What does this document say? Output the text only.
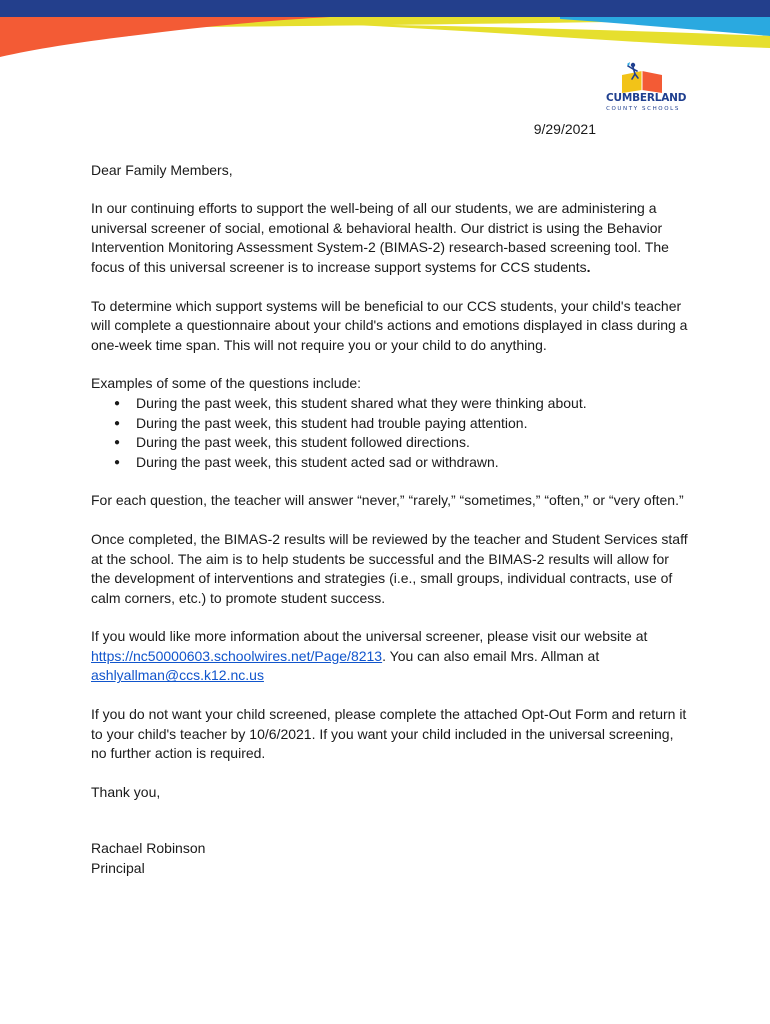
CUMBERLAND
COUNTY SCHOOLS

9/29/2021

Dear Family Members,

In our continuing efforts to support the well-being of all our students, we are administering a universal screener of social, emotional & behavioral health. Our district is using the Behavior Intervention Monitoring Assessment System-2 (BIMAS-2) research-based screening tool. The focus of this universal screener is to increase support systems for CCS students.

To determine which support systems will be beneficial to our CCS students, your child's teacher will complete a questionnaire about your child's actions and emotions displayed in class during a one-week time span. This will not require you or your child to do anything.

Examples of some of the questions include:

● During the past week, this student shared what they were thinking about.
● During the past week, this student had trouble paying attention.
● During the past week, this student followed directions.
● During the past week, this student acted sad or withdrawn.

For each question, the teacher will answer “never,” “rarely,” “sometimes,” “often,” or “very often.”

Once completed, the BIMAS-2 results will be reviewed by the teacher and Student Services staff at the school. The aim is to help students be successful and the BIMAS-2 results will allow for the development of interventions and strategies (i.e., small groups, individual contracts, use of calm corners, etc.) to promote student success.

If you would like more information about the universal screener, please visit our website at https://nc50000603.schoolwires.net/Page/8213. You can also email Mrs. Allman at ashlyallman@ccs.k12.nc.us

If you do not want your child screened, please complete the attached Opt-Out Form and return it to your child's teacher by 10/6/2021. If you want your child included in the universal screening, no further action is required.

Thank you,

Rachael Robinson

Principal
